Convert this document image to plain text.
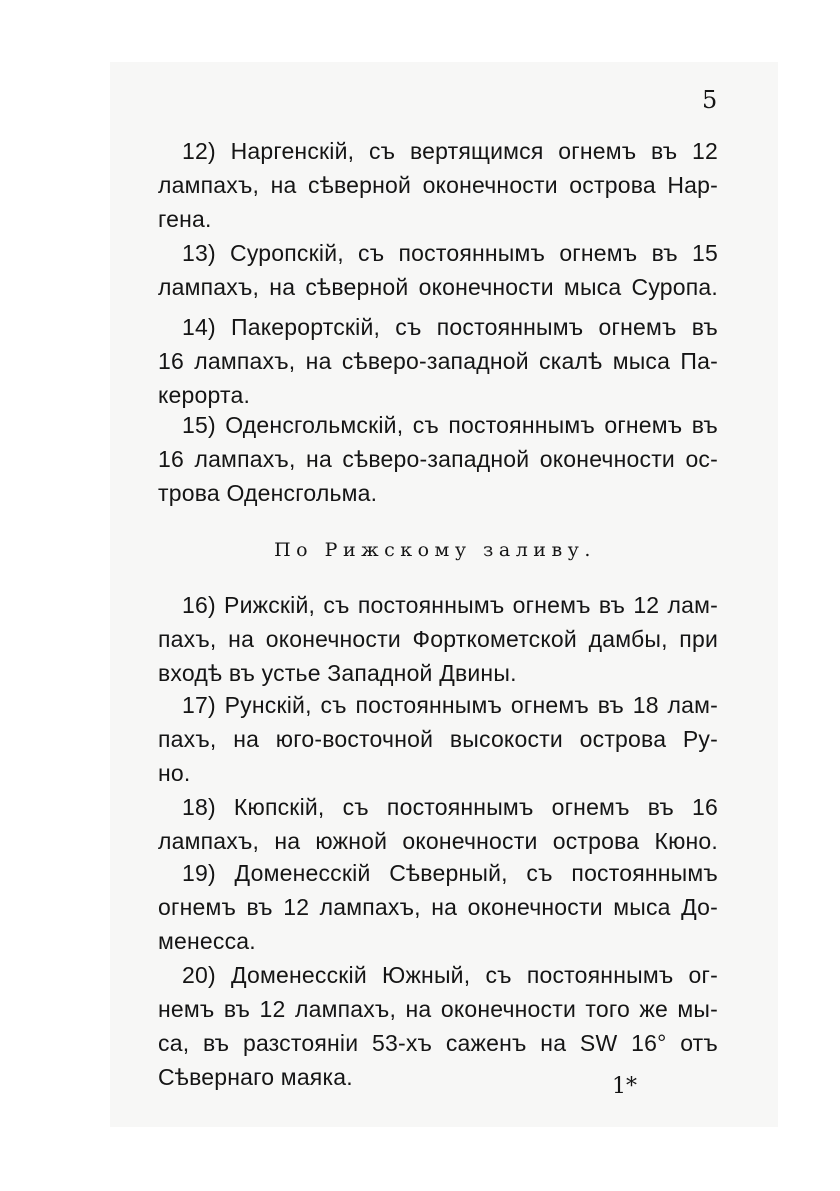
5
12) Наргенскій, съ вертящимся огнемъ въ 12
лампахъ, на сѣверной оконечности острова Нар-
гена.
13) Суропскій, съ постояннымъ огнемъ въ 15
лампахъ, на сѣверной оконечности мыса Суропа.
14) Пакерортскій, съ постояннымъ огнемъ въ
16 лампахъ, на сѣверо-западной скалѣ мыса Па-
керорта.
15) Оденсгольмскій, съ постояннымъ огнемъ въ
16 лампахъ, на сѣверо-западной оконечности ос-
трова Оденсгольма.
По Рижскому заливу.
16) Рижскій, съ постояннымъ огнемъ въ 12 лам-
пахъ, на оконечности Форткометской дамбы, при
входѣ въ устье Западной Двины.
17) Рунскій, съ постояннымъ огнемъ въ 18 лам-
пахъ, на юго-восточной высокости острова Ру-
но.
18) Кюпскій, съ постояннымъ огнемъ въ 16
лампахъ, на южной оконечности острова Кюно.
19) Доменесскій Сѣверный, съ постояннымъ
огнемъ въ 12 лампахъ, на оконечности мыса До-
менесса.
20) Доменесскій Южный, съ постояннымъ ог-
немъ въ 12 лампахъ, на оконечности того же мы-
са, въ разстояніи 53-хъ саженъ на SW 16° отъ
Сѣвернаго маяка.	1*
